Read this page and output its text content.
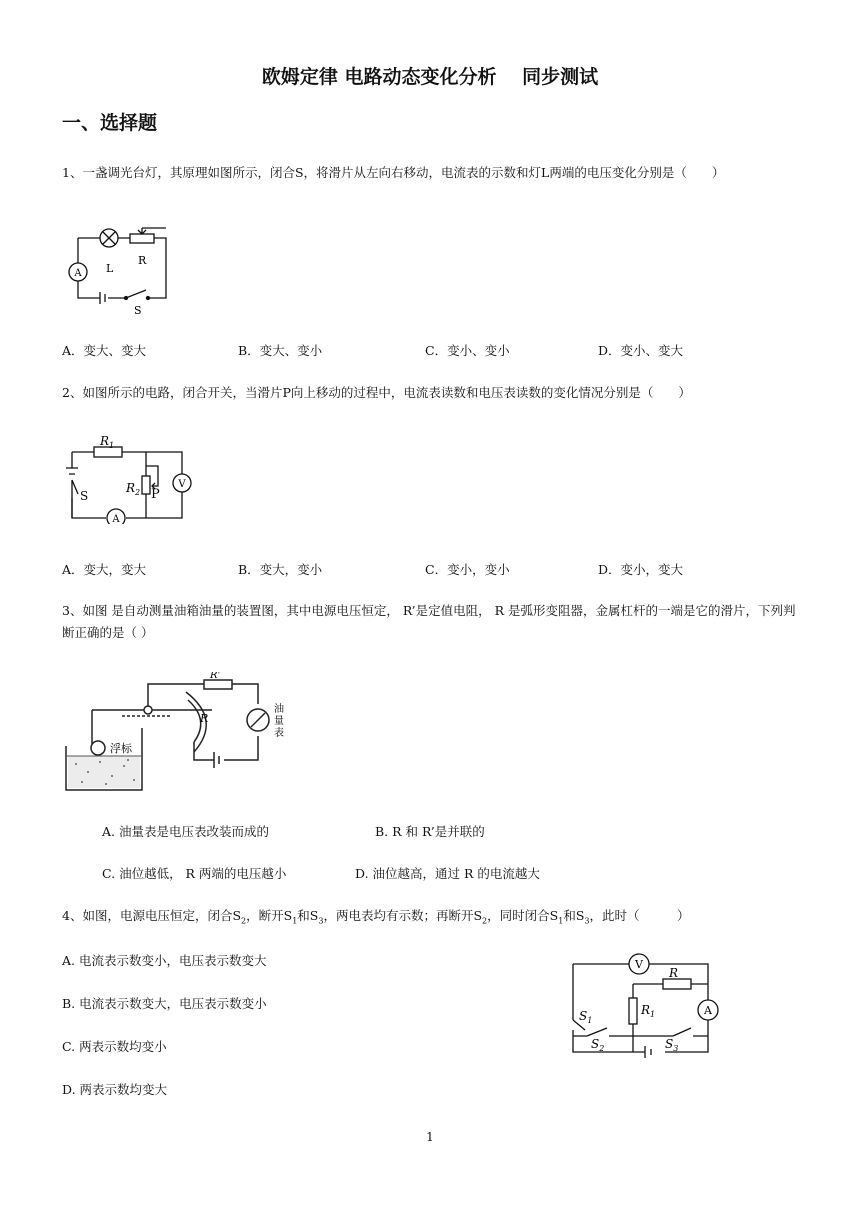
欧姆定律 电路动态变化分析　 同步测试
一、选择题
1、一盏调光台灯，其原理如图所示，闭合S，将滑片从左向右移动，电流表的示数和灯L两端的电压变化分别是（　　）
A L
R
S
A．变大、变大	B．变大、变小	C．变小、变小	D．变小、变大
2、如图所示的电路，闭合开关，当滑片P向上移动的过程中，电流表读数和电压表读数的变化情况分别是（　　）
$R_1$
$R_2$ P
S
V
A
A．变大，变大	B．变大，变小	C．变小，变小	D．变小，变大
3、如图 是自动测量油箱油量的装置图，其中电源电压恒定， R’是定值电阻， R 是弧形变阻器，金属杠杆的一端是它的滑片，下列判断正确的是（ ）
R'
R
浮标
油
量
表
A. 油量表是电压表改装而成的	B. R 和 R’是并联的
C. 油位越低， R 两端的电压越小	D. 油位越高，通过 R 的电流越大
4、如图，电源电压恒定，闭合$S_2$，断开$S_1$和$S_3$，两电表均有示数；再断开$S_2$，同时闭合$S_1$和$S_3$，此时（　　　）
A. 电流表示数变小，电压表示数变大
B. 电流表示数变大，电压表示数变小
C. 两表示数均变小
D. 两表示数均变大
V
R
$R_1$	A
$S_1$
$S_2$	$S_3$
1
